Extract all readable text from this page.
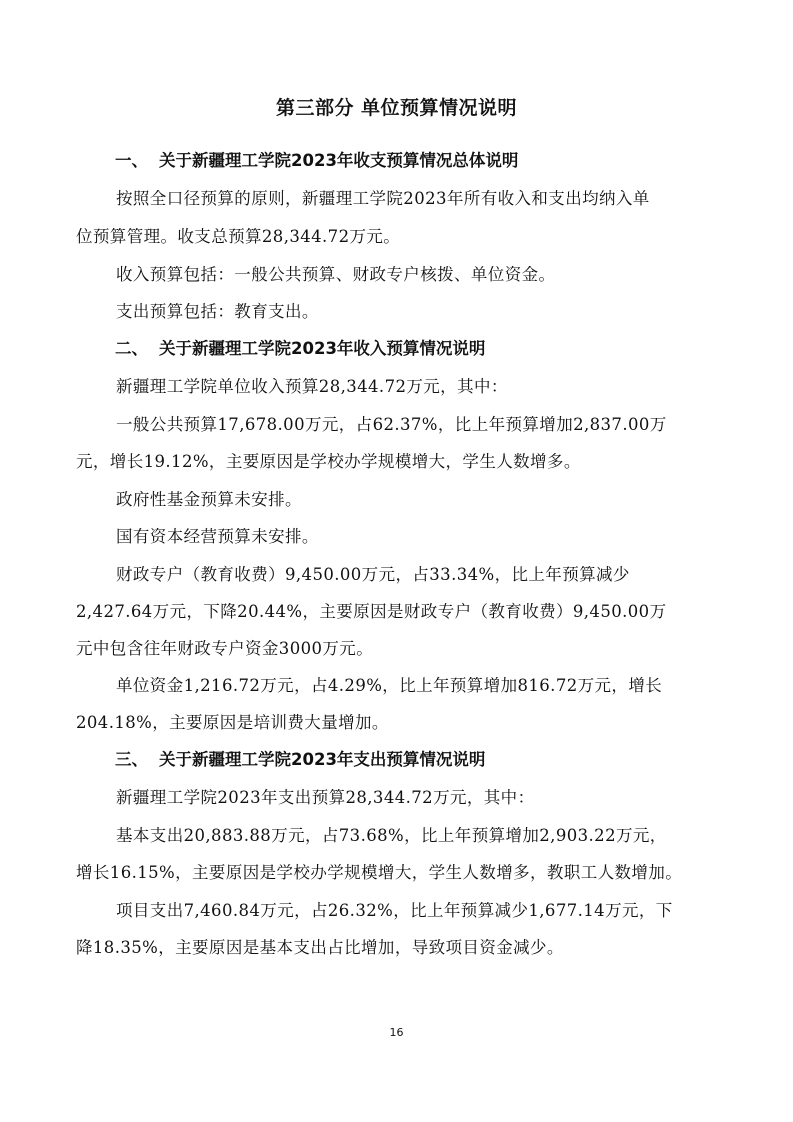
第三部分 单位预算情况说明
一、 关于新疆理工学院2023年收支预算情况总体说明
按照全口径预算的原则，新疆理工学院2023年所有收入和支出均纳入单
位预算管理。收支总预算28,344.72万元。
收入预算包括：一般公共预算、财政专户核拨、单位资金。
支出预算包括：教育支出。
二、 关于新疆理工学院2023年收入预算情况说明
新疆理工学院单位收入预算28,344.72万元，其中：
一般公共预算17,678.00万元，占62.37%，比上年预算增加2,837.00万
元，增长19.12%，主要原因是学校办学规模增大，学生人数增多。
政府性基金预算未安排。
国有资本经营预算未安排。
财政专户（教育收费）9,450.00万元，占33.34%，比上年预算减少
2,427.64万元，下降20.44%，主要原因是财政专户（教育收费）9,450.00万
元中包含往年财政专户资金3000万元。
单位资金1,216.72万元，占4.29%，比上年预算增加816.72万元，增长
204.18%，主要原因是培训费大量增加。
三、 关于新疆理工学院2023年支出预算情况说明
新疆理工学院2023年支出预算28,344.72万元，其中：
基本支出20,883.88万元，占73.68%，比上年预算增加2,903.22万元，
增长16.15%，主要原因是学校办学规模增大，学生人数增多，教职工人数增加。
项目支出7,460.84万元，占26.32%，比上年预算减少1,677.14万元，下
降18.35%，主要原因是基本支出占比增加，导致项目资金减少。
16
